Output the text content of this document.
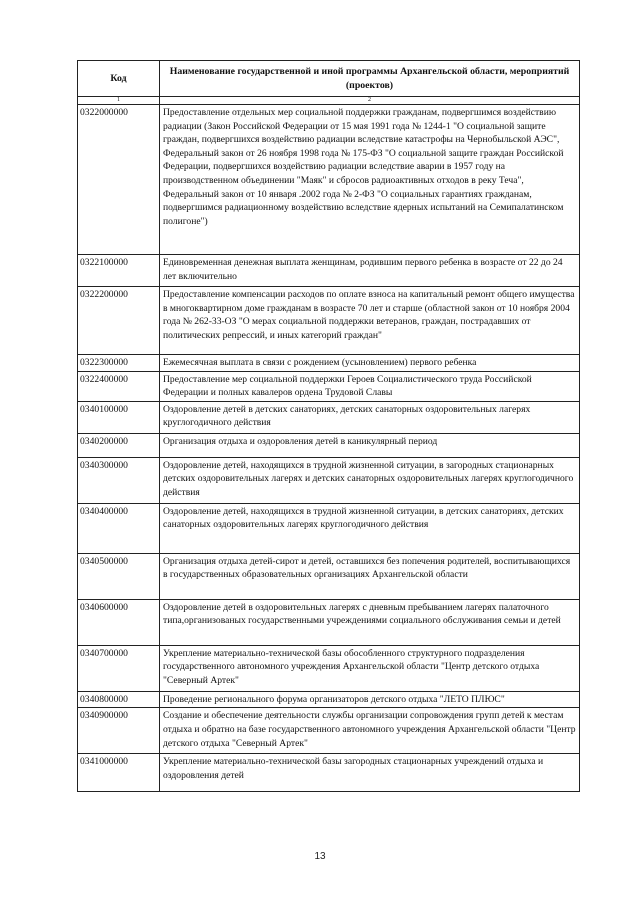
Код	Наименование государственной и иной программы Архангельской области, мероприятий (проектов)
1	2
0322000000	Предоставление отдельных мер социальной поддержки гражданам, подвергшимся воздействию радиации (Закон Российской Федерации от 15 мая 1991 года № 1244-1 "О социальной защите граждан, подвергшихся воздействию радиации вследствие катастрофы на Чернобыльской АЭС", Федеральный закон от 26 ноября 1998 года № 175-ФЗ "О социальной защите граждан Российской Федерации, подвергшихся воздействию радиации вследствие аварии в 1957 году на производственном объединении "Маяк" и сбросов радиоактивных отходов в реку Теча", Федеральный закон от 10 января .2002 года № 2-ФЗ "О социальных гарантиях гражданам, подвергшимся радиационному воздействию вследствие ядерных испытаний на Семипалатинском полигоне")
0322100000	Единовременная денежная выплата женщинам, родившим первого ребенка в возрасте от 22 до 24 лет включительно
0322200000	Предоставление компенсации расходов по оплате взноса на капитальный ремонт общего имущества в многоквартирном доме гражданам в возрасте 70 лет и старше (областной закон от 10 ноября 2004 года № 262-33-ОЗ "О мерах социальной поддержки ветеранов, граждан, пострадавших от политических репрессий, и иных категорий граждан"
0322300000	Ежемесячная выплата в связи с рождением (усыновлением) первого ребенка
0322400000	Предоставление мер социальной поддержки Героев Социалистического труда Российской Федерации и полных кавалеров ордена Трудовой Славы
0340100000	Оздоровление детей в детских санаториях, детских санаторных оздоровительных лагерях круглогодичного действия
0340200000	Организация отдыха и оздоровления детей в каникулярный период
0340300000	Оздоровление детей, находящихся в трудной жизненной ситуации, в загородных стационарных детских оздоровительных лагерях и детских санаторных оздоровительных лагерях круглогодичного действия
0340400000	Оздоровление детей, находящихся в трудной жизненной ситуации, в детских санаториях, детских санаторных оздоровительных лагерях круглогодичного действия
0340500000	Организация отдыха детей-сирот и детей, оставшихся без попечения родителей, воспитывающихся в государственных образовательных организациях Архангельской области
0340600000	Оздоровление детей в оздоровительных лагерях с дневным пребыванием лагерях палаточного типа,организованых государственными учреждениями социального обслуживания семьи и детей
0340700000	Укрепление материально-технической базы обособленного структурного подразделения государственного автономного учреждения Архангельской области "Центр детского отдыха "Северный Артек"
0340800000	Проведение регионального форума организаторов детского отдыха "ЛЕТО ПЛЮС"
0340900000	Создание и обеспечение деятельности службы организации сопровождения групп детей к местам отдыха и обратно на базе государственного автономного учреждения Архангельской области "Центр детского отдыха "Северный Артек"
0341000000	Укрепление материально-технической базы загородных стационарных учреждений отдыха и оздоровления детей
13
